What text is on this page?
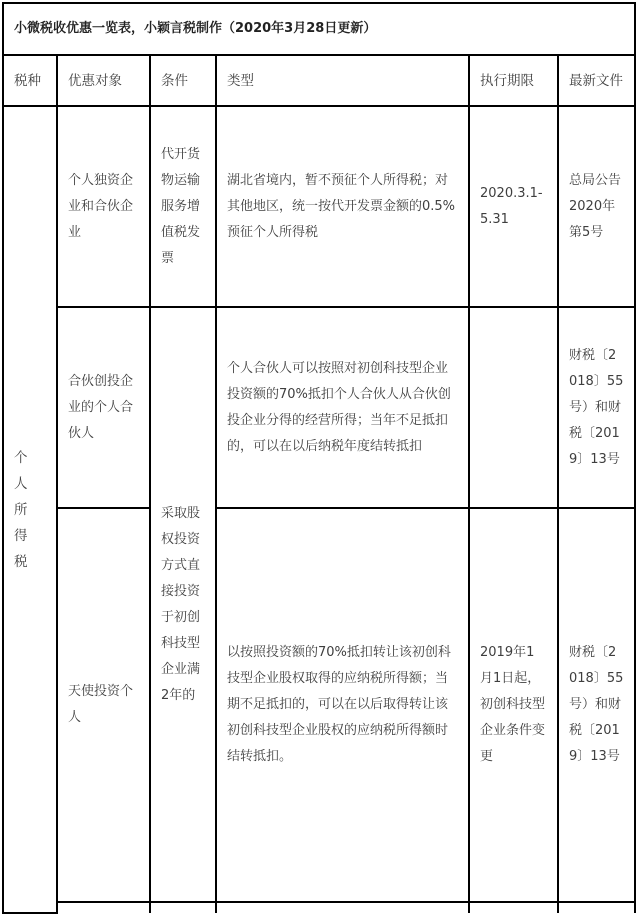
小微税收优惠一览表，小颖言税制作（2020年3月28日更新）					
税种	优惠对象	条件	类型	执行期限	最新文件

个人所得税	个人独资企业和合伙企业	代开货物运输服务增值税发票	湖北省境内，暂不预征个人所得税；对其他地区，统一按代开发票金额的0.5%预征个人所得税	2020.3.1-5.31	总局公告2020年第5号
	合伙创投企业的个人合伙人	采取股权投资方式直接投资于初创科技型企业满2年的	个人合伙人可以按照对初创科技型企业投资额的70%抵扣个人合伙人从合伙创投企业分得的经营所得；当年不足抵扣的，可以在以后纳税年度结转抵扣		财税〔2018〕55号）和财税〔2019〕13号
	天使投资个人		以按照投资额的70%抵扣转让该初创科技型企业股权取得的应纳税所得额；当期不足抵扣的，可以在以后取得转让该初创科技型企业股权的应纳税所得额时结转抵扣。	2019年1月1日起，初创科技型企业条件变更	财税〔2018〕55号）和财税〔2019〕13号
